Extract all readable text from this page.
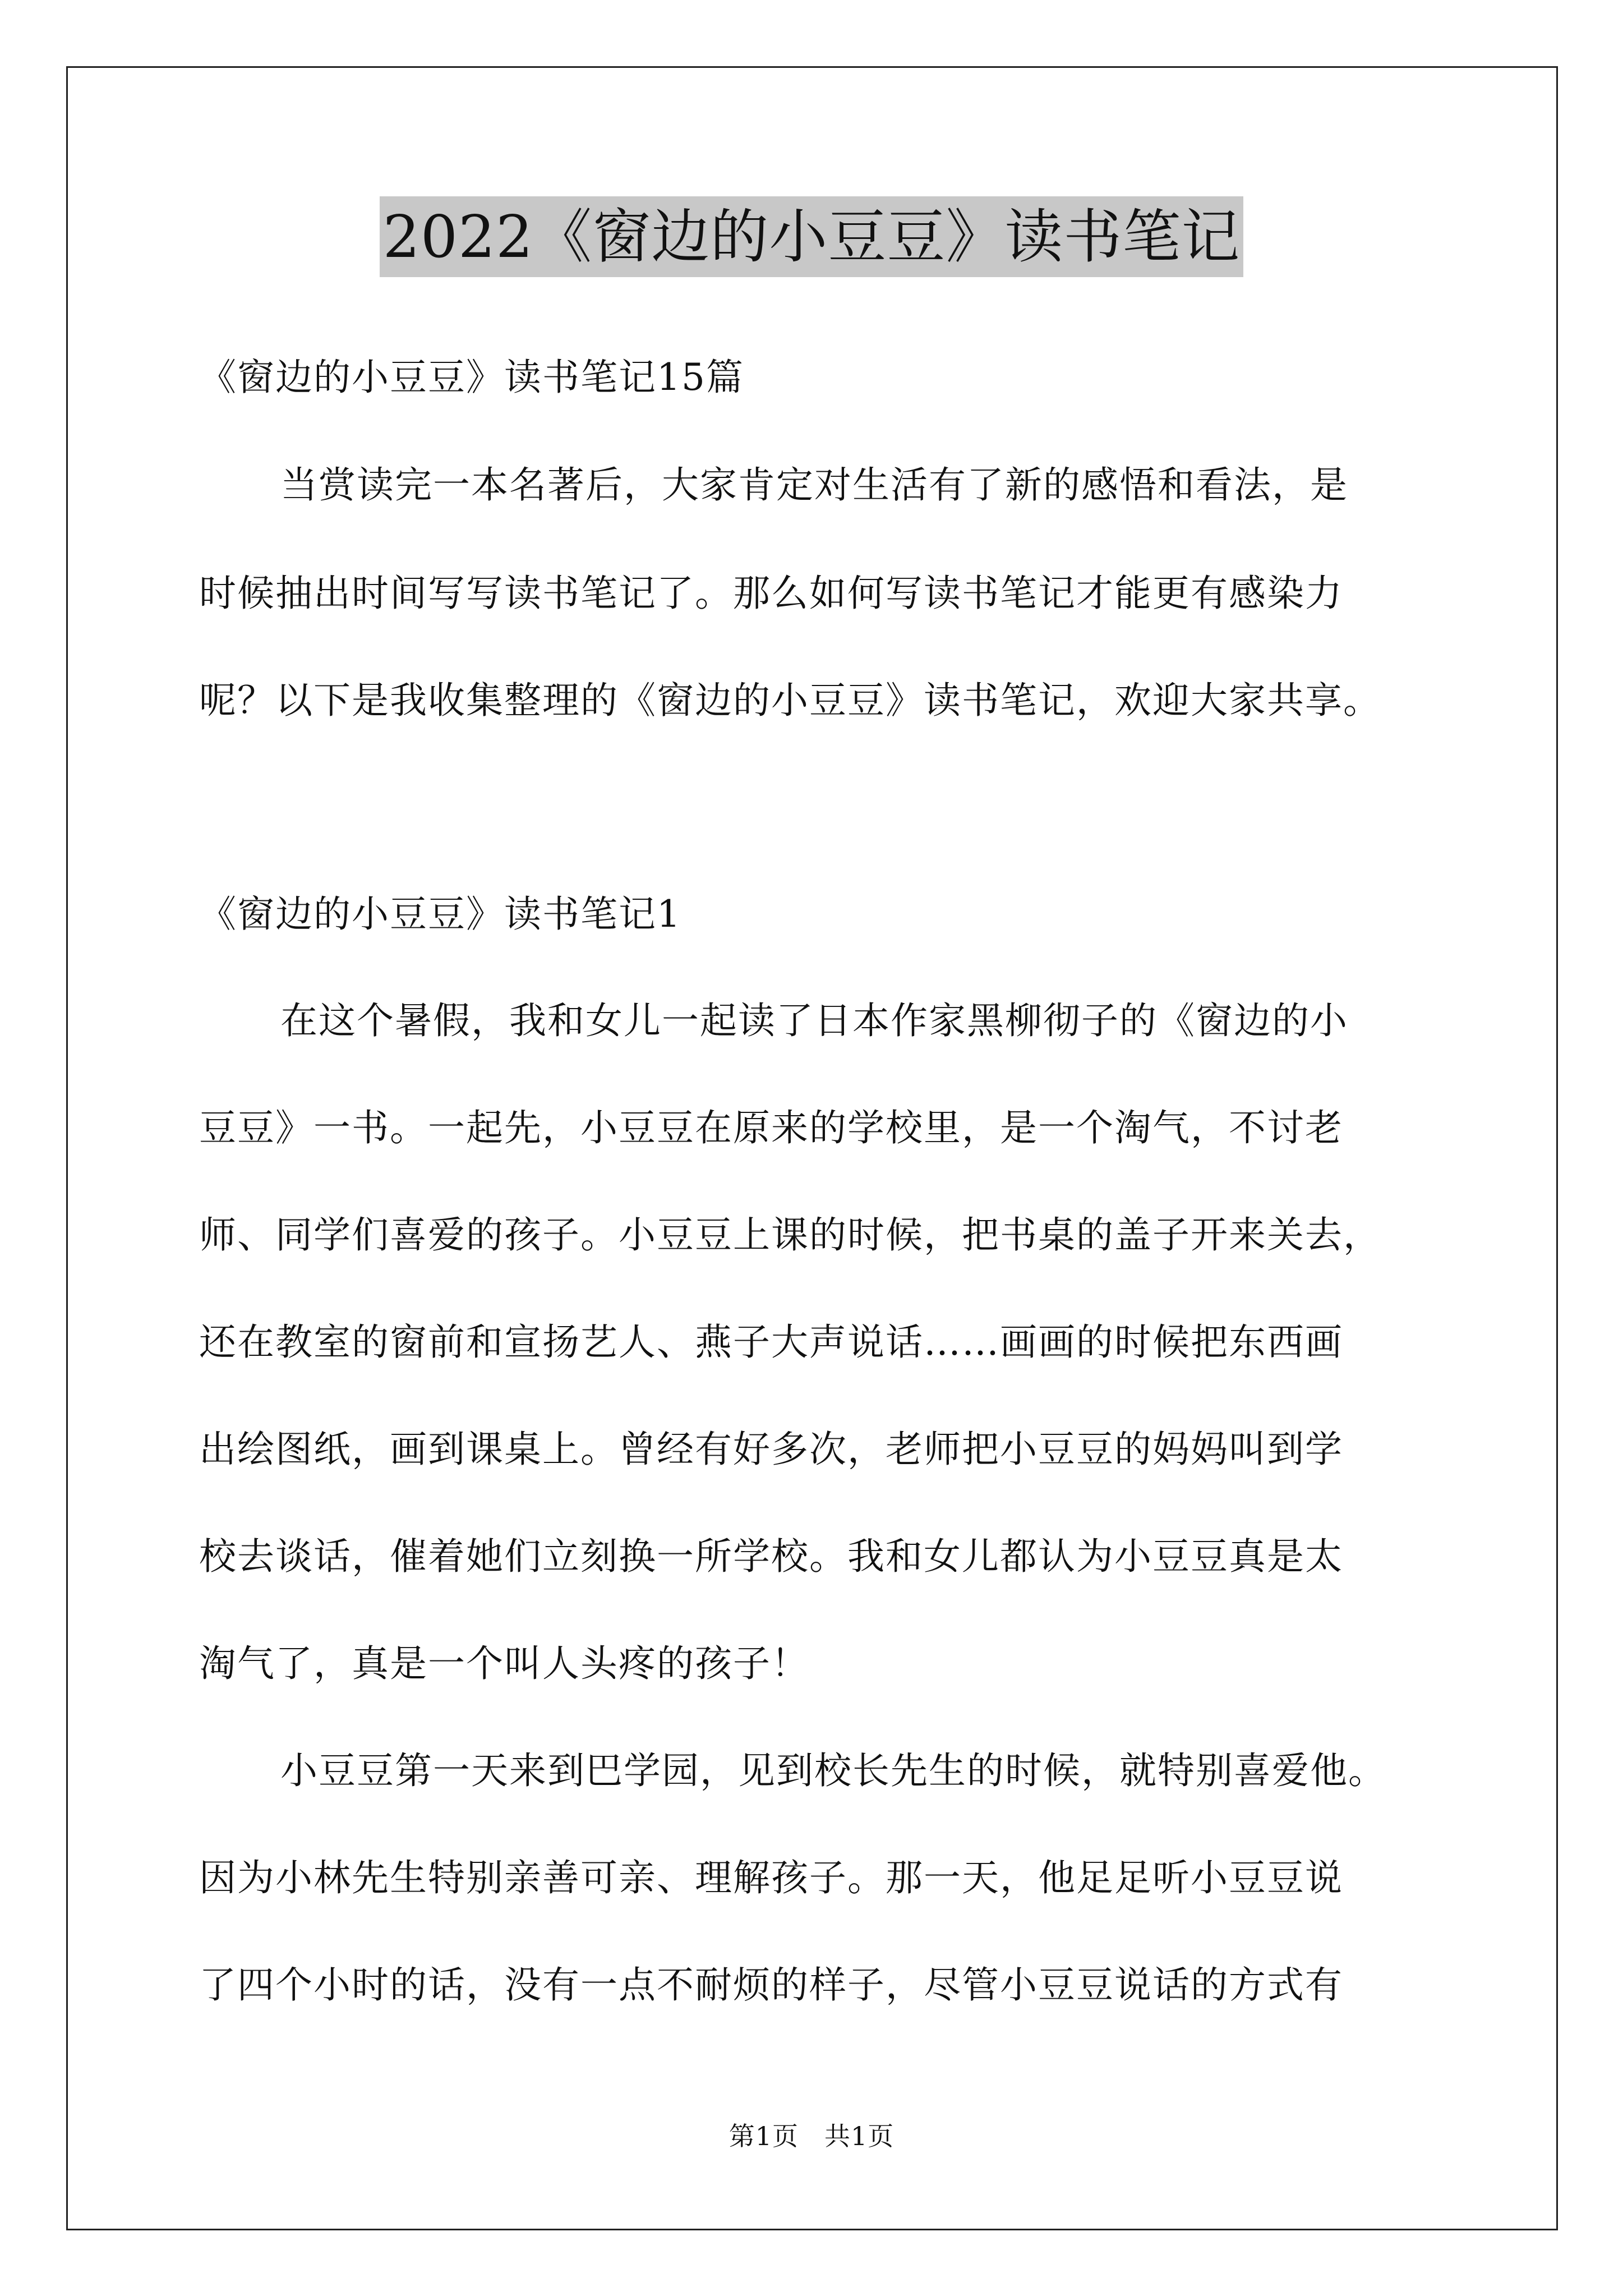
2022《窗边的小豆豆》读书笔记
《窗边的小豆豆》读书笔记15篇
当赏读完一本名著后，大家肯定对生活有了新的感悟和看法，是
时候抽出时间写写读书笔记了。那么如何写读书笔记才能更有感染力
呢？以下是我收集整理的《窗边的小豆豆》读书笔记，欢迎大家共享。
《窗边的小豆豆》读书笔记1
在这个暑假，我和女儿一起读了日本作家黑柳彻子的《窗边的小
豆豆》一书。一起先，小豆豆在原来的学校里，是一个淘气，不讨老
师、同学们喜爱的孩子。小豆豆上课的时候，把书桌的盖子开来关去，
还在教室的窗前和宣扬艺人、燕子大声说话……画画的时候把东西画
出绘图纸，画到课桌上。曾经有好多次，老师把小豆豆的妈妈叫到学
校去谈话，催着她们立刻换一所学校。我和女儿都认为小豆豆真是太
淘气了，真是一个叫人头疼的孩子！
小豆豆第一天来到巴学园，见到校长先生的时候，就特别喜爱他。
因为小林先生特别亲善可亲、理解孩子。那一天，他足足听小豆豆说
了四个小时的话，没有一点不耐烦的样子，尽管小豆豆说话的方式有
第1页 共1页
